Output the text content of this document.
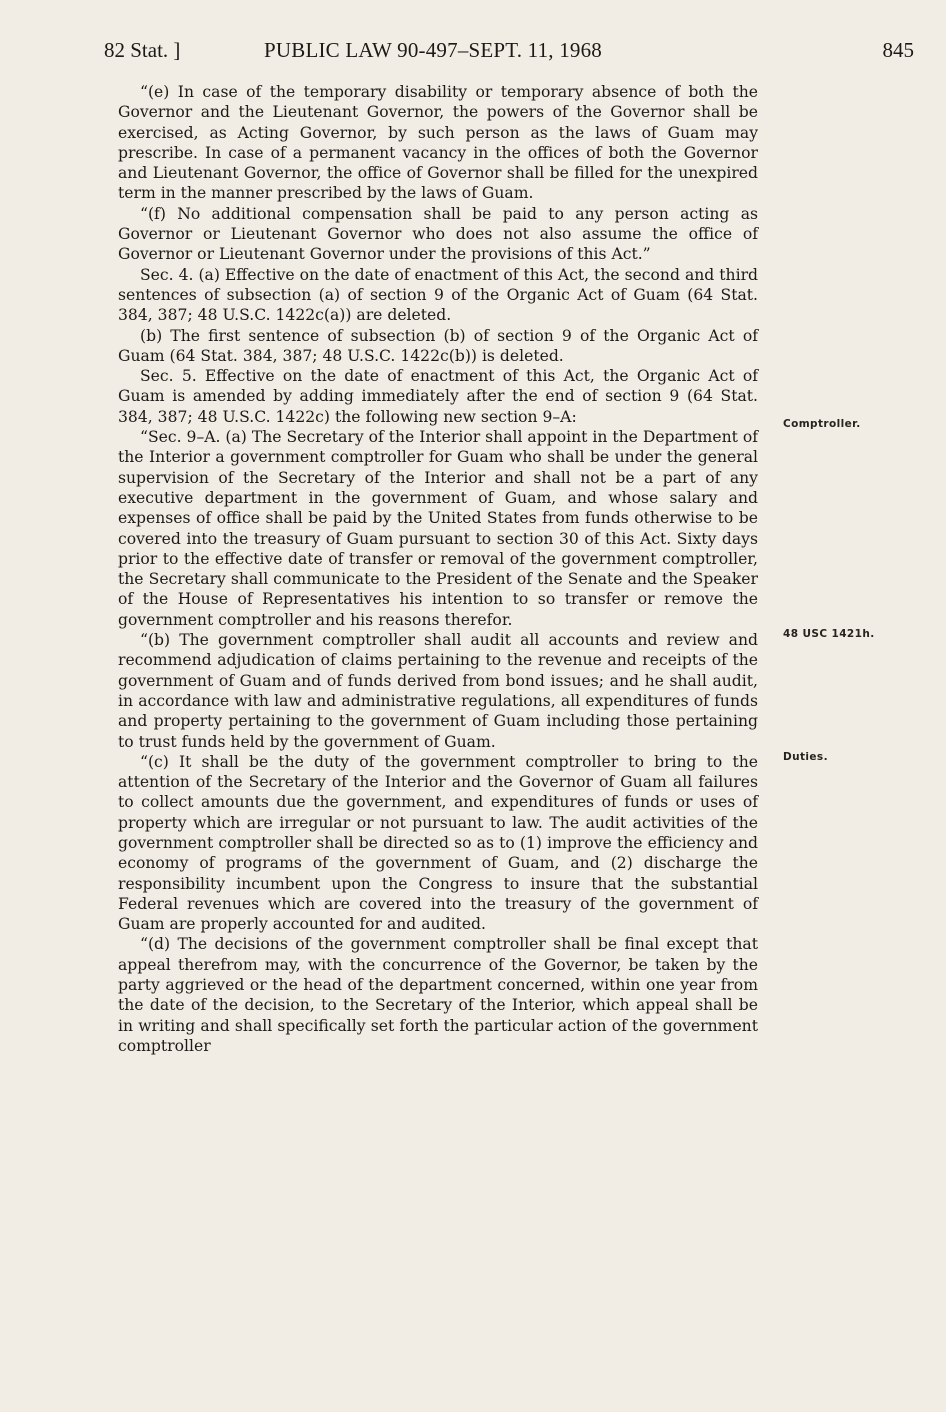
82 Stat. ]	PUBLIC LAW 90-497–SEPT. 11, 1968	845

“(e) In case of the temporary disability or temporary absence of both the Governor and the Lieutenant Governor, the powers of the Governor shall be exercised, as Acting Governor, by such person as the laws of Guam may prescribe. In case of a permanent vacancy in the offices of both the Governor and Lieutenant Governor, the office of Governor shall be filled for the unexpired term in the manner prescribed by the laws of Guam.

“(f) No additional compensation shall be paid to any person acting as Governor or Lieutenant Governor who does not also assume the office of Governor or Lieutenant Governor under the provisions of this Act.”

Sec. 4. (a) Effective on the date of enactment of this Act, the second and third sentences of subsection (a) of section 9 of the Organic Act of Guam (64 Stat. 384, 387; 48 U.S.C. 1422c(a)) are deleted.

(b) The first sentence of subsection (b) of section 9 of the Organic Act of Guam (64 Stat. 384, 387; 48 U.S.C. 1422c(b)) is deleted.

Sec. 5. Effective on the date of enactment of this Act, the Organic Act of Guam is amended by adding immediately after the end of section 9 (64 Stat. 384, 387; 48 U.S.C. 1422c) the following new section 9–A:

“Sec. 9–A. (a) The Secretary of the Interior shall appoint in the Department of the Interior a government comptroller for Guam who shall be under the general supervision of the Secretary of the Interior and shall not be a part of any executive department in the government of Guam, and whose salary and expenses of office shall be paid by the United States from funds otherwise to be covered into the treasury of Guam pursuant to section 30 of this Act. Sixty days prior to the effective date of transfer or removal of the government comptroller, the Secretary shall communicate to the President of the Senate and the Speaker of the House of Representatives his intention to so transfer or remove the government comptroller and his reasons therefor.

“(b) The government comptroller shall audit all accounts and review and recommend adjudication of claims pertaining to the revenue and receipts of the government of Guam and of funds derived from bond issues; and he shall audit, in accordance with law and administrative regulations, all expenditures of funds and property pertaining to the government of Guam including those pertaining to trust funds held by the government of Guam.

“(c) It shall be the duty of the government comptroller to bring to the attention of the Secretary of the Interior and the Governor of Guam all failures to collect amounts due the government, and expenditures of funds or uses of property which are irregular or not pursuant to law. The audit activities of the government comptroller shall be directed so as to (1) improve the efficiency and economy of programs of the government of Guam, and (2) discharge the responsibility incumbent upon the Congress to insure that the substantial Federal revenues which are covered into the treasury of the government of Guam are properly accounted for and audited.

“(d) The decisions of the government comptroller shall be final except that appeal therefrom may, with the concurrence of the Governor, be taken by the party aggrieved or the head of the department concerned, within one year from the date of the decision, to the Secretary of the Interior, which appeal shall be in writing and shall specifically set forth the particular action of the government comptroller

Comptroller.
48 USC 1421h.
Duties.
